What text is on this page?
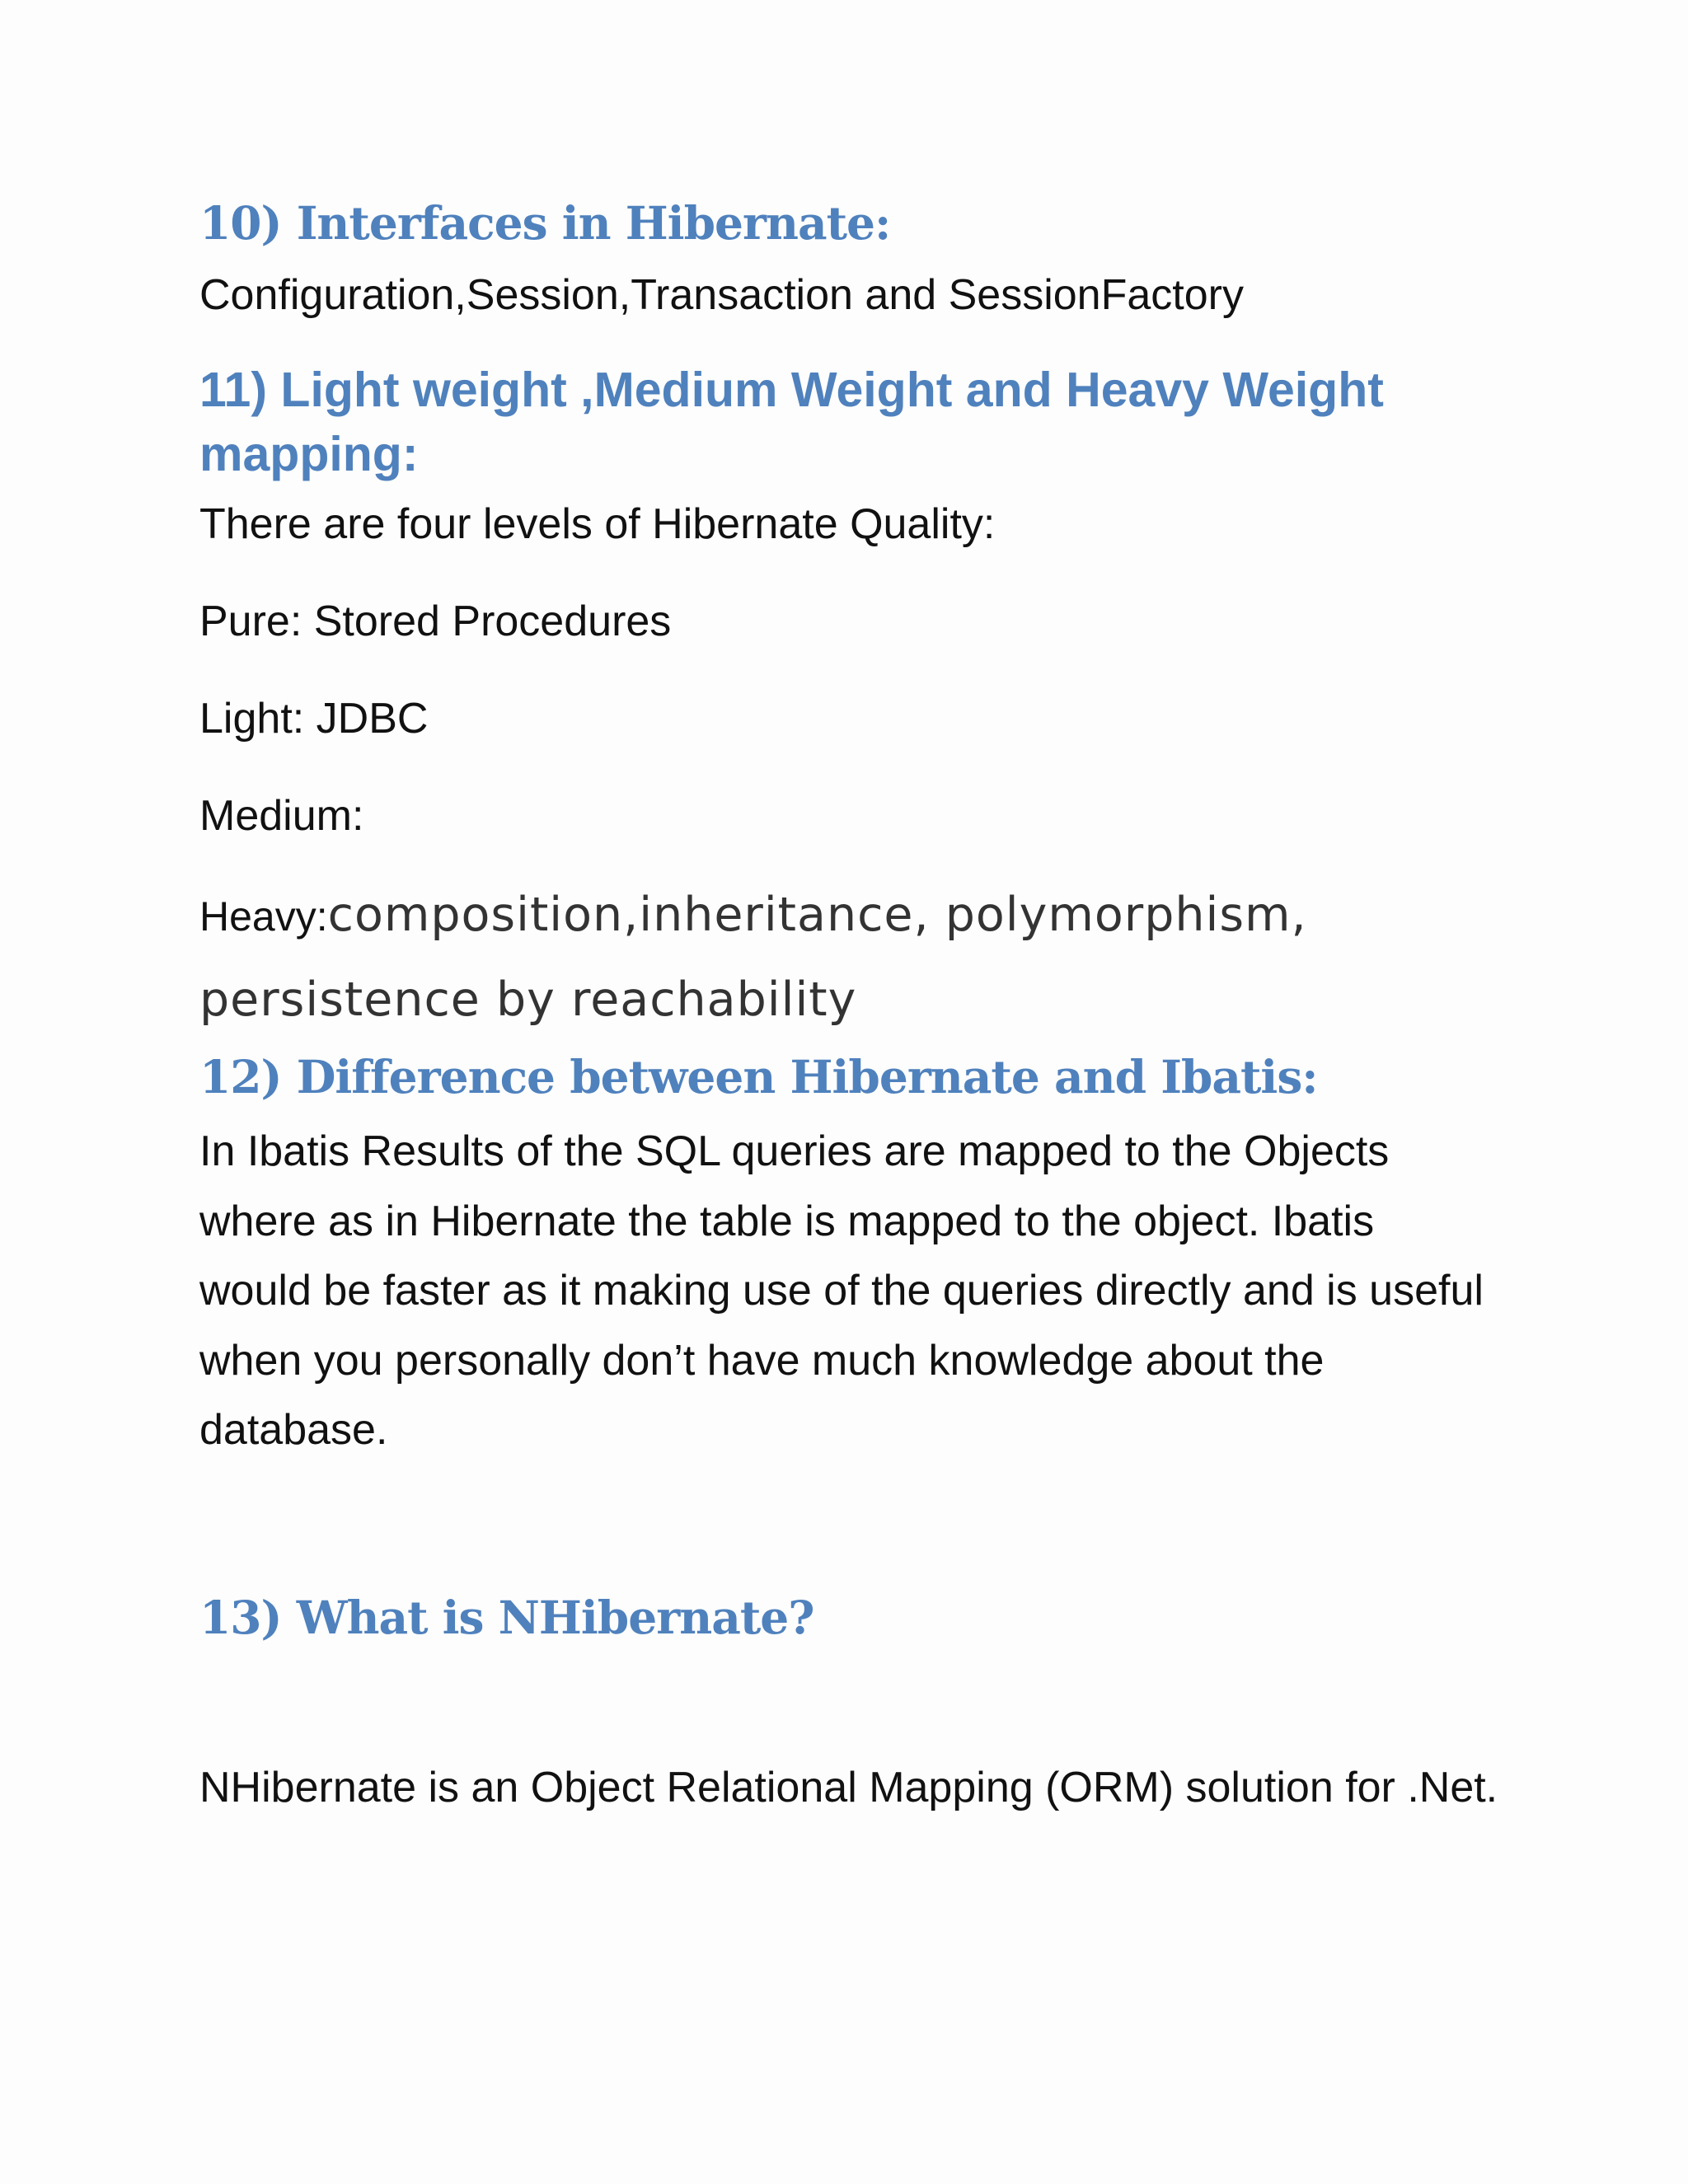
10) Interfaces in Hibernate:

Configuration,Session,Transaction and SessionFactory

11) Light weight ,Medium Weight and Heavy Weight mapping:

There are four levels of Hibernate Quality:

Pure: Stored Procedures

Light: JDBC

Medium:

Heavy:composition,inheritance, polymorphism, persistence by reachability

12) Difference between Hibernate and Ibatis:

In Ibatis Results of the SQL queries are mapped to the Objects where as in Hibernate the table is mapped to the object. Ibatis would be faster as it making use of the queries directly and is useful when you personally don’t have much knowledge about the database.

13) What is NHibernate?

NHibernate is an Object Relational Mapping (ORM) solution for .Net.
